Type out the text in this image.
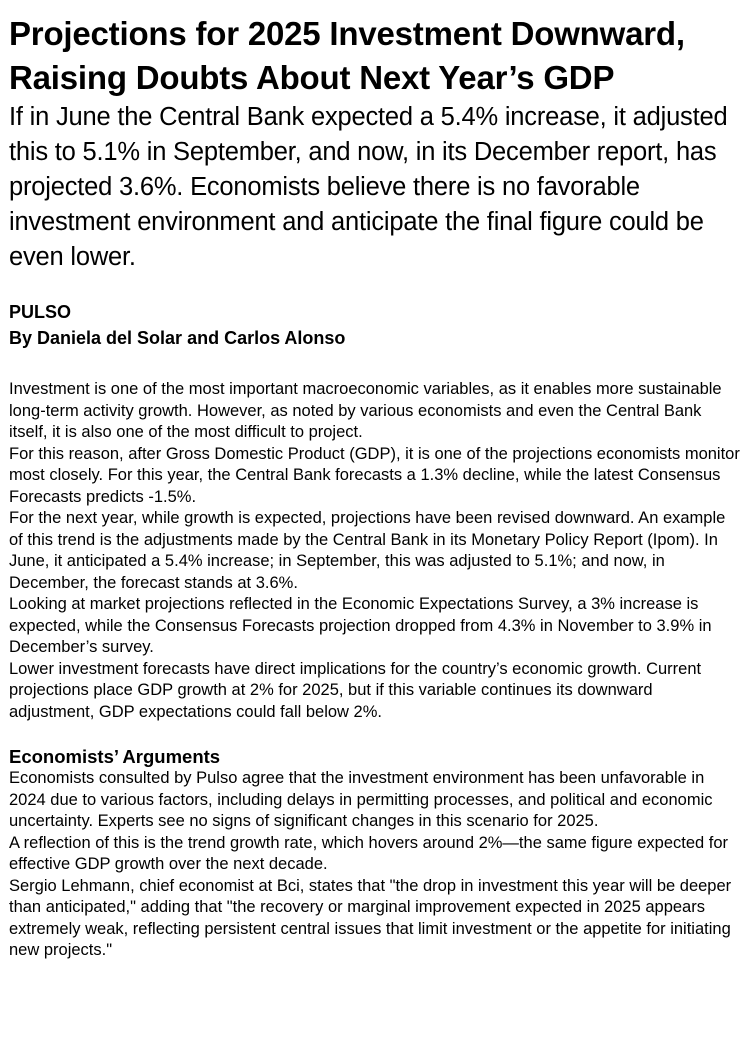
Projections for 2025 Investment Downward, Raising Doubts About Next Year’s GDP

If in June the Central Bank expected a 5.4% increase, it adjusted this to 5.1% in September, and now, in its December report, has projected 3.6%. Economists believe there is no favorable investment environment and anticipate the final figure could be even lower.

PULSO
By Daniela del Solar and Carlos Alonso

Investment is one of the most important macroeconomic variables, as it enables more sustainable long-term activity growth. However, as noted by various economists and even the Central Bank itself, it is also one of the most difficult to project.

For this reason, after Gross Domestic Product (GDP), it is one of the projections economists monitor most closely. For this year, the Central Bank forecasts a 1.3% decline, while the latest Consensus Forecasts predicts -1.5%.

For the next year, while growth is expected, projections have been revised downward. An example of this trend is the adjustments made by the Central Bank in its Monetary Policy Report (Ipom). In June, it anticipated a 5.4% increase; in September, this was adjusted to 5.1%; and now, in December, the forecast stands at 3.6%.

Looking at market projections reflected in the Economic Expectations Survey, a 3% increase is expected, while the Consensus Forecasts projection dropped from 4.3% in November to 3.9% in December’s survey.

Lower investment forecasts have direct implications for the country’s economic growth. Current projections place GDP growth at 2% for 2025, but if this variable continues its downward adjustment, GDP expectations could fall below 2%.

Economists’ Arguments

Economists consulted by Pulso agree that the investment environment has been unfavorable in 2024 due to various factors, including delays in permitting processes, and political and economic uncertainty. Experts see no signs of significant changes in this scenario for 2025.

A reflection of this is the trend growth rate, which hovers around 2%—the same figure expected for effective GDP growth over the next decade.

Sergio Lehmann, chief economist at Bci, states that "the drop in investment this year will be deeper than anticipated," adding that "the recovery or marginal improvement expected in 2025 appears extremely weak, reflecting persistent central issues that limit investment or the appetite for initiating new projects."
